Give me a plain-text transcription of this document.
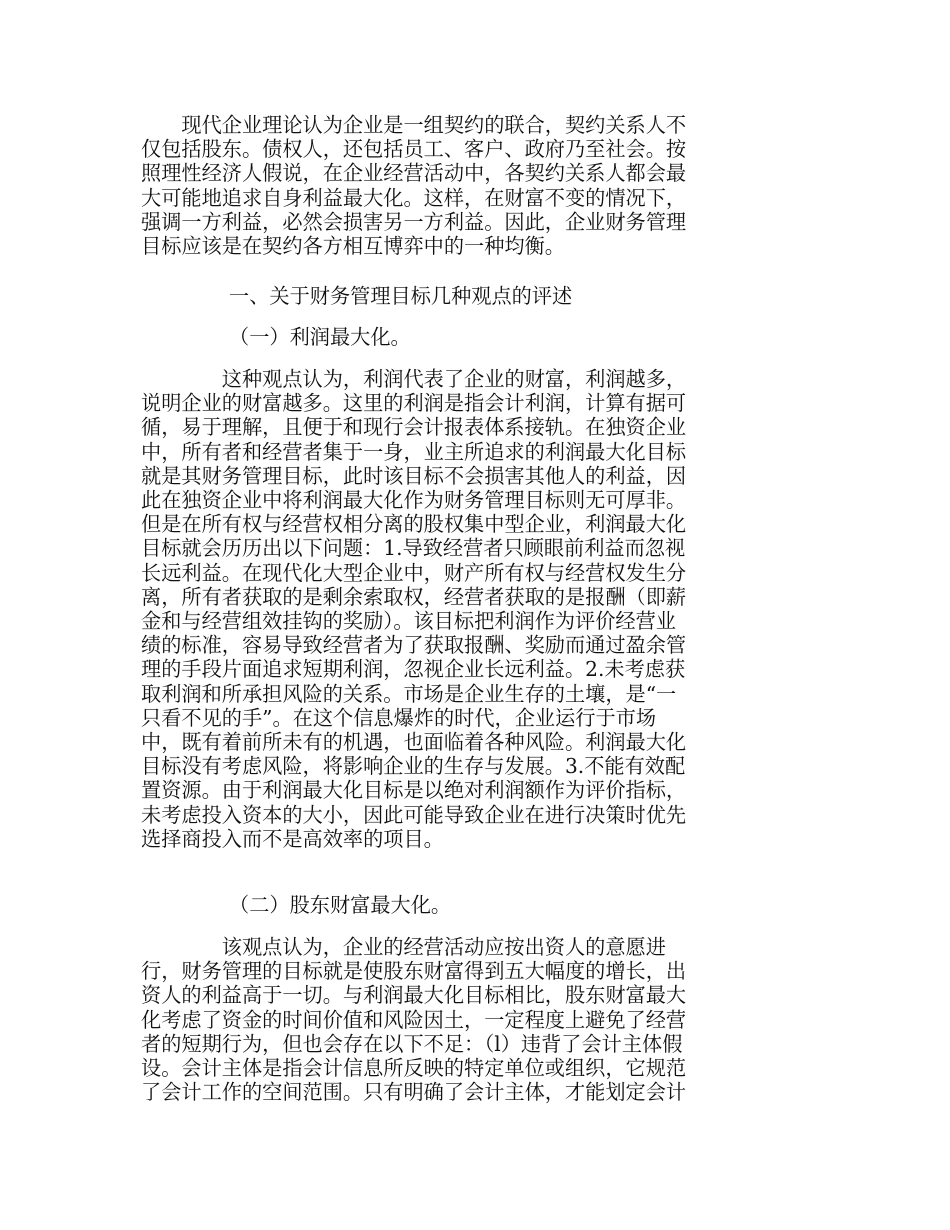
　　现代企业理论认为企业是一组契约的联合，契约关系人不
仅包括股东。债权人，还包括员工、客户、政府乃至社会。按
照理性经济人假说，在企业经营活动中，各契约关系人都会最
大可能地追求自身利益最大化。这样，在财富不变的情况下，
强调一方利益，必然会损害另一方利益。因此，企业财务管理
目标应该是在契约各方相互博弈中的一种均衡。
一、关于财务管理目标几种观点的评述
（一）利润最大化。
　　　　这种观点认为，利润代表了企业的财富，利润越多，
说明企业的财富越多。这里的利润是指会计利润，计算有据可
循，易于理解，且便于和现行会计报表体系接轨。在独资企业
中，所有者和经营者集于一身，业主所追求的利润最大化目标
就是其财务管理目标，此时该目标不会损害其他人的利益，因
此在独资企业中将利润最大化作为财务管理目标则无可厚非。
但是在所有权与经营权相分离的股权集中型企业，利润最大化
目标就会历历出以下问题：1.导致经营者只顾眼前利益而忽视
长远利益。在现代化大型企业中，财产所有权与经营权发生分
离，所有者获取的是剩余索取权，经营者获取的是报酬（即薪
金和与经营组效挂钩的奖励）。该目标把利润作为评价经营业
绩的标准，容易导致经营者为了获取报酬、奖励而通过盈余管
理的手段片面追求短期利润，忽视企业长远利益。2.未考虑获
取利润和所承担风险的关系。市场是企业生存的土壤，是“一
只看不见的手”。在这个信息爆炸的时代，企业运行于市场
中，既有着前所未有的机遇，也面临着各种风险。利润最大化
目标没有考虑风险，将影响企业的生存与发展。3.不能有效配
置资源。由于利润最大化目标是以绝对利润额作为评价指标，
未考虑投入资本的大小，因此可能导致企业在进行决策时优先
选择商投入而不是高效率的项目。
（二）股东财富最大化。
　　　　该观点认为，企业的经营活动应按出资人的意愿进
行，财务管理的目标就是使股东财富得到五大幅度的增长，出
资人的利益高于一切。与利润最大化目标相比，股东财富最大
化考虑了资金的时间价值和风险因土，一定程度上避免了经营
者的短期行为，但也会存在以下不足：（l）违背了会计主体假
设。会计主体是指会计信息所反映的特定单位或组织，它规范
了会计工作的空间范围。只有明确了会计主体，才能划定会计
